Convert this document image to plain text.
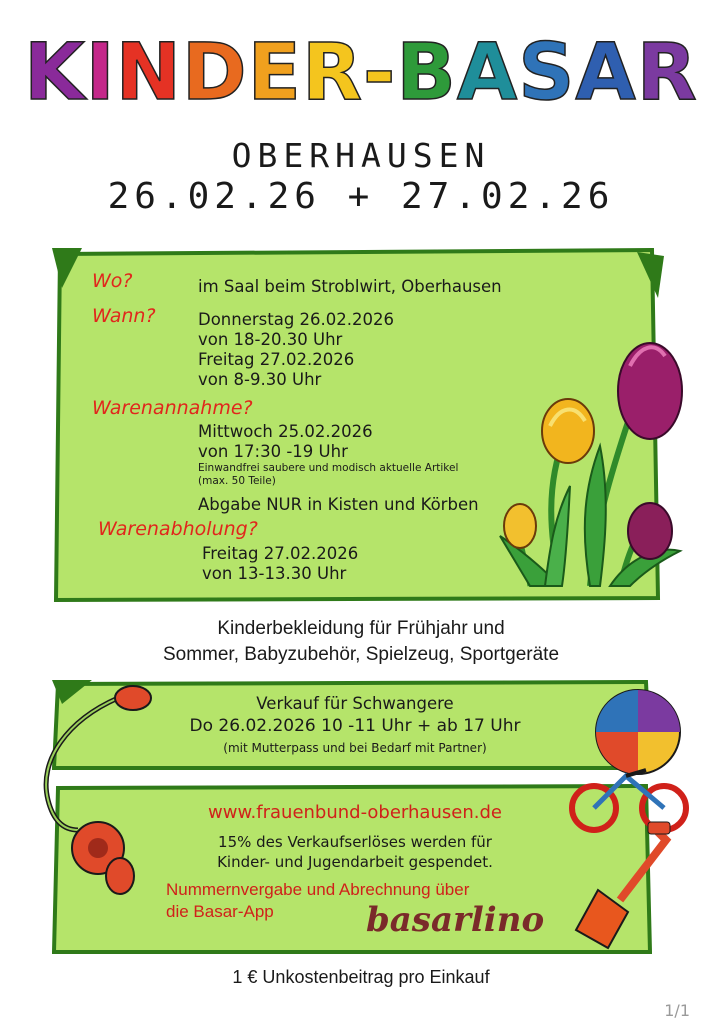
KINDER-BASAR
OBERHAUSEN
26.02.26 + 27.02.26
Wo?	im Saal beim Stroblwirt, Oberhausen
Wann?	Donnerstag 26.02.2026
von 18-20.30 Uhr
Freitag 27.02.2026
von 8-9.30 Uhr
Warenannahme?
Mittwoch 25.02.2026
von 17:30 -19 Uhr
Einwandfrei saubere und modisch aktuelle Artikel
(max. 50 Teile)
Abgabe NUR in Kisten und Körben
Warenabholung?
Freitag 27.02.2026
von 13-13.30 Uhr
Kinderbekleidung für Frühjahr und
Sommer, Babyzubehör, Spielzeug, Sportgeräte
Verkauf für Schwangere
Do 26.02.2026 10 -11 Uhr + ab 17 Uhr
(mit Mutterpass und bei Bedarf mit Partner)
www.frauenbund-oberhausen.de
15% des Verkaufserlöses werden für
Kinder- und Jugendarbeit gespendet.
Nummernvergabe und Abrechnung über
die Basar-App	basarlino
1 € Unkostenbeitrag pro Einkauf
1/1
